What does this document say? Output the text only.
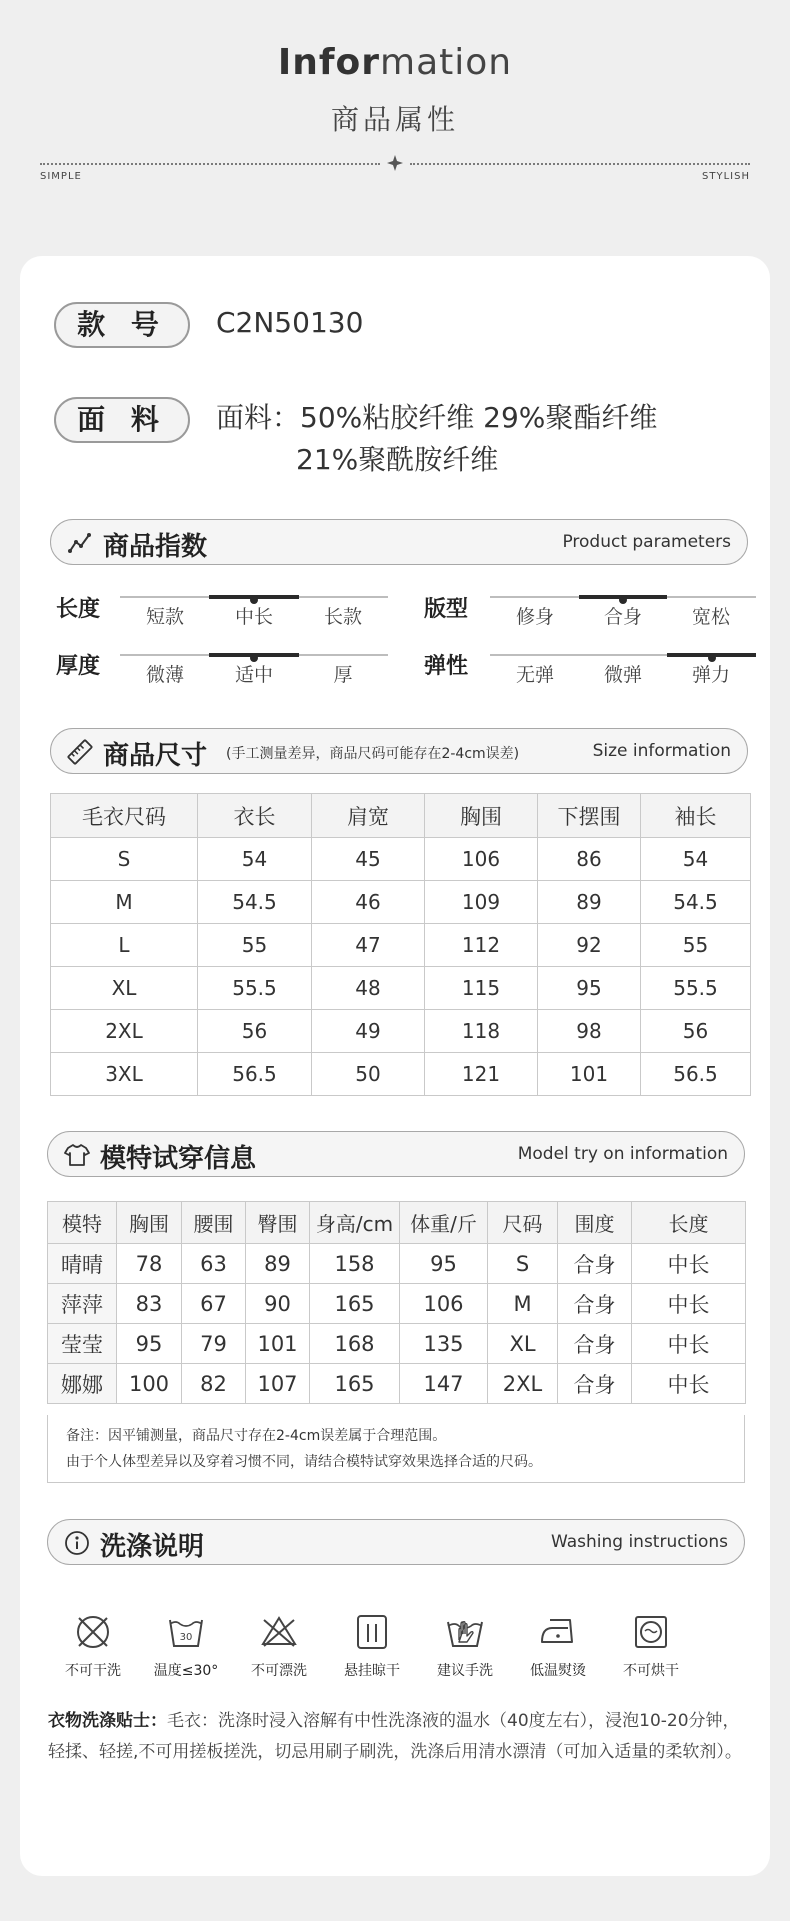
Information
商品属性
SIMPLE	STYLISH
款 号	C2N50130
面 料	面料：50%粘胶纤维 29%聚酯纤维
21%聚酰胺纤维
商品指数	Product parameters
长度	短款	中长	长款	版型	修身	合身	宽松
厚度	微薄	适中	厚	弹性	无弹	微弹	弹力
商品尺寸 (手工测量差异，商品尺码可能存在2-4cm误差)	Size information
毛衣尺码	衣长	肩宽	胸围	下摆围	袖长
S	54	45	106	86	54
M	54.5	46	109	89	54.5
L	55	47	112	92	55
XL	55.5	48	115	95	55.5
2XL	56	49	118	98	56
3XL	56.5	50	121	101	56.5
模特试穿信息	Model try on information
模特	胸围	腰围	臀围	身高/cm	体重/斤	尺码	围度	长度
晴晴	78	63	89	158	95	S	合身	中长
萍萍	83	67	90	165	106	M	合身	中长
莹莹	95	79	101	168	135	XL	合身	中长
娜娜	100	82	107	165	147	2XL	合身	中长
备注：因平铺测量，商品尺寸存在2-4cm误差属于合理范围。
由于个人体型差异以及穿着习惯不同，请结合模特试穿效果选择合适的尺码。
洗涤说明	Washing instructions
不可干洗
30
温度≤30°	不可漂洗	悬挂晾干	建议手洗	低温熨烫	不可烘干
衣物洗涤贴士：毛衣：洗涤时浸入溶解有中性洗涤液的温水（40度左右），浸泡10-20分钟，轻揉、轻搓,不可用搓板搓洗，切忌用刷子刷洗，洗涤后用清水漂清（可加入适量的柔软剂）。
